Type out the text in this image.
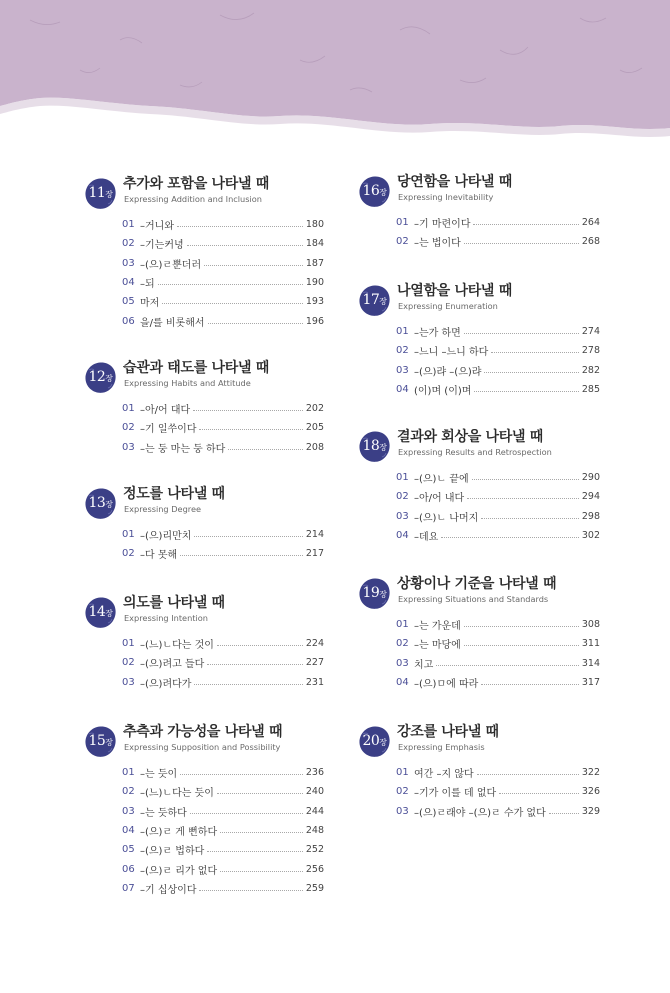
11장
추가와 포함을 나타낼 때
Expressing Addition and Inclusion
01 –거니와	180
02 –기는커녕	184
03 –(으)ㄹ뿐더러	187
04 –되	190
05 마저	193
06 을/를 비롯해서	196
12장
습관과 태도를 나타낼 때
Expressing Habits and Attitude
01 –아/어 대다	202
02 –기 일쑤이다	205
03 –는 둥 마는 둥 하다	208
13장
정도를 나타낼 때
Expressing Degree
01 –(으)리만치	214
02 –다 못해	217
14장
의도를 나타낼 때
Expressing Intention
01 –(느)ㄴ다는 것이	224
02 –(으)려고 들다	227
03 –(으)려다가	231
15장
추측과 가능성을 나타낼 때
Expressing Supposition and Possibility
01 –는 듯이	236
02 –(느)ㄴ다는 듯이	240
03 –는 듯하다	244
04 –(으)ㄹ 게 뻔하다	248
05 –(으)ㄹ 법하다	252
06 –(으)ㄹ 리가 없다	256
07 –기 십상이다	259
16장
당연함을 나타낼 때
Expressing Inevitability
01 –기 마련이다	264
02 –는 법이다	268
17장
나열함을 나타낼 때
Expressing Enumeration
01 –는가 하면	274
02 –느니 –느니 하다	278
03 –(으)랴 –(으)랴	282
04 (이)며 (이)며	285
18장
결과와 회상을 나타낼 때
Expressing Results and Retrospection
01 –(으)ㄴ 끝에	290
02 –아/어 내다	294
03 –(으)ㄴ 나머지	298
04 –데요	302
19장
상황이나 기준을 나타낼 때
Expressing Situations and Standards
01 –는 가운데	308
02 –는 마당에	311
03 치고	314
04 –(으)ㅁ에 따라	317
20장
강조를 나타낼 때
Expressing Emphasis
01 여간 –지 않다	322
02 –기가 이를 데 없다	326
03 –(으)ㄹ래야 –(으)ㄹ 수가 없다	329
